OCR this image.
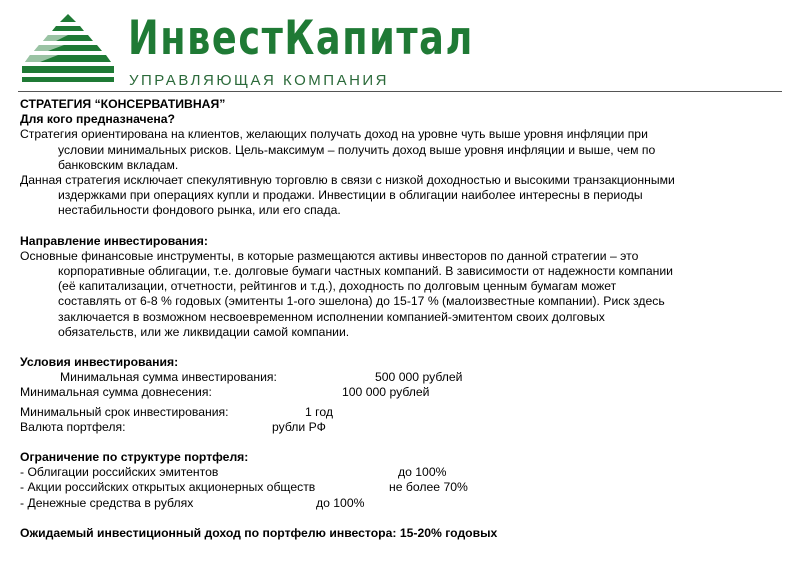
ИнвестКапитал
УПРАВЛЯЮЩАЯ КОМПАНИЯ
СТРАТЕГИЯ “КОНСЕРВАТИВНАЯ”
Для кого предназначена?
Стратегия ориентирована на клиентов, желающих получать доход на уровне чуть выше уровня инфляции при
условии минимальных рисков. Цель-максимум – получить доход выше уровня инфляции и выше, чем по
банковским вкладам.
Данная стратегия исключает спекулятивную торговлю в связи с низкой доходностью и высокими транзакционными
издержками при операциях купли и продажи. Инвестиции в облигации наиболее интересны в периоды
нестабильности фондового рынка, или его спада.
Направление инвестирования:
Основные финансовые инструменты, в которые размещаются активы инвесторов по данной стратегии – это
корпоративные облигации, т.е. долговые бумаги частных компаний. В зависимости от надежности компании
(её капитализации, отчетности, рейтингов и т.д.), доходность по долговым ценным бумагам может
составлять от 6-8 % годовых (эмитенты 1-ого эшелона) до 15-17 % (малоизвестные компании). Риск здесь
заключается в возможном несвоевременном исполнении компанией-эмитентом своих долговых
обязательств, или же ликвидации самой компании.
Условия инвестирования:
Минимальная сумма инвестирования:	500 000 рублей
Минимальная сумма довнесения:	100 000 рублей
Минимальный срок инвестирования:	1 год
Валюта портфеля:	рубли РФ
Ограничение по структуре портфеля:
- Облигации российских эмитентов	до 100%
- Акции российских открытых акционерных обществ	не более 70%
- Денежные средства в рублях	до 100%
Ожидаемый инвестиционный доход по портфелю инвестора: 15-20% годовых
